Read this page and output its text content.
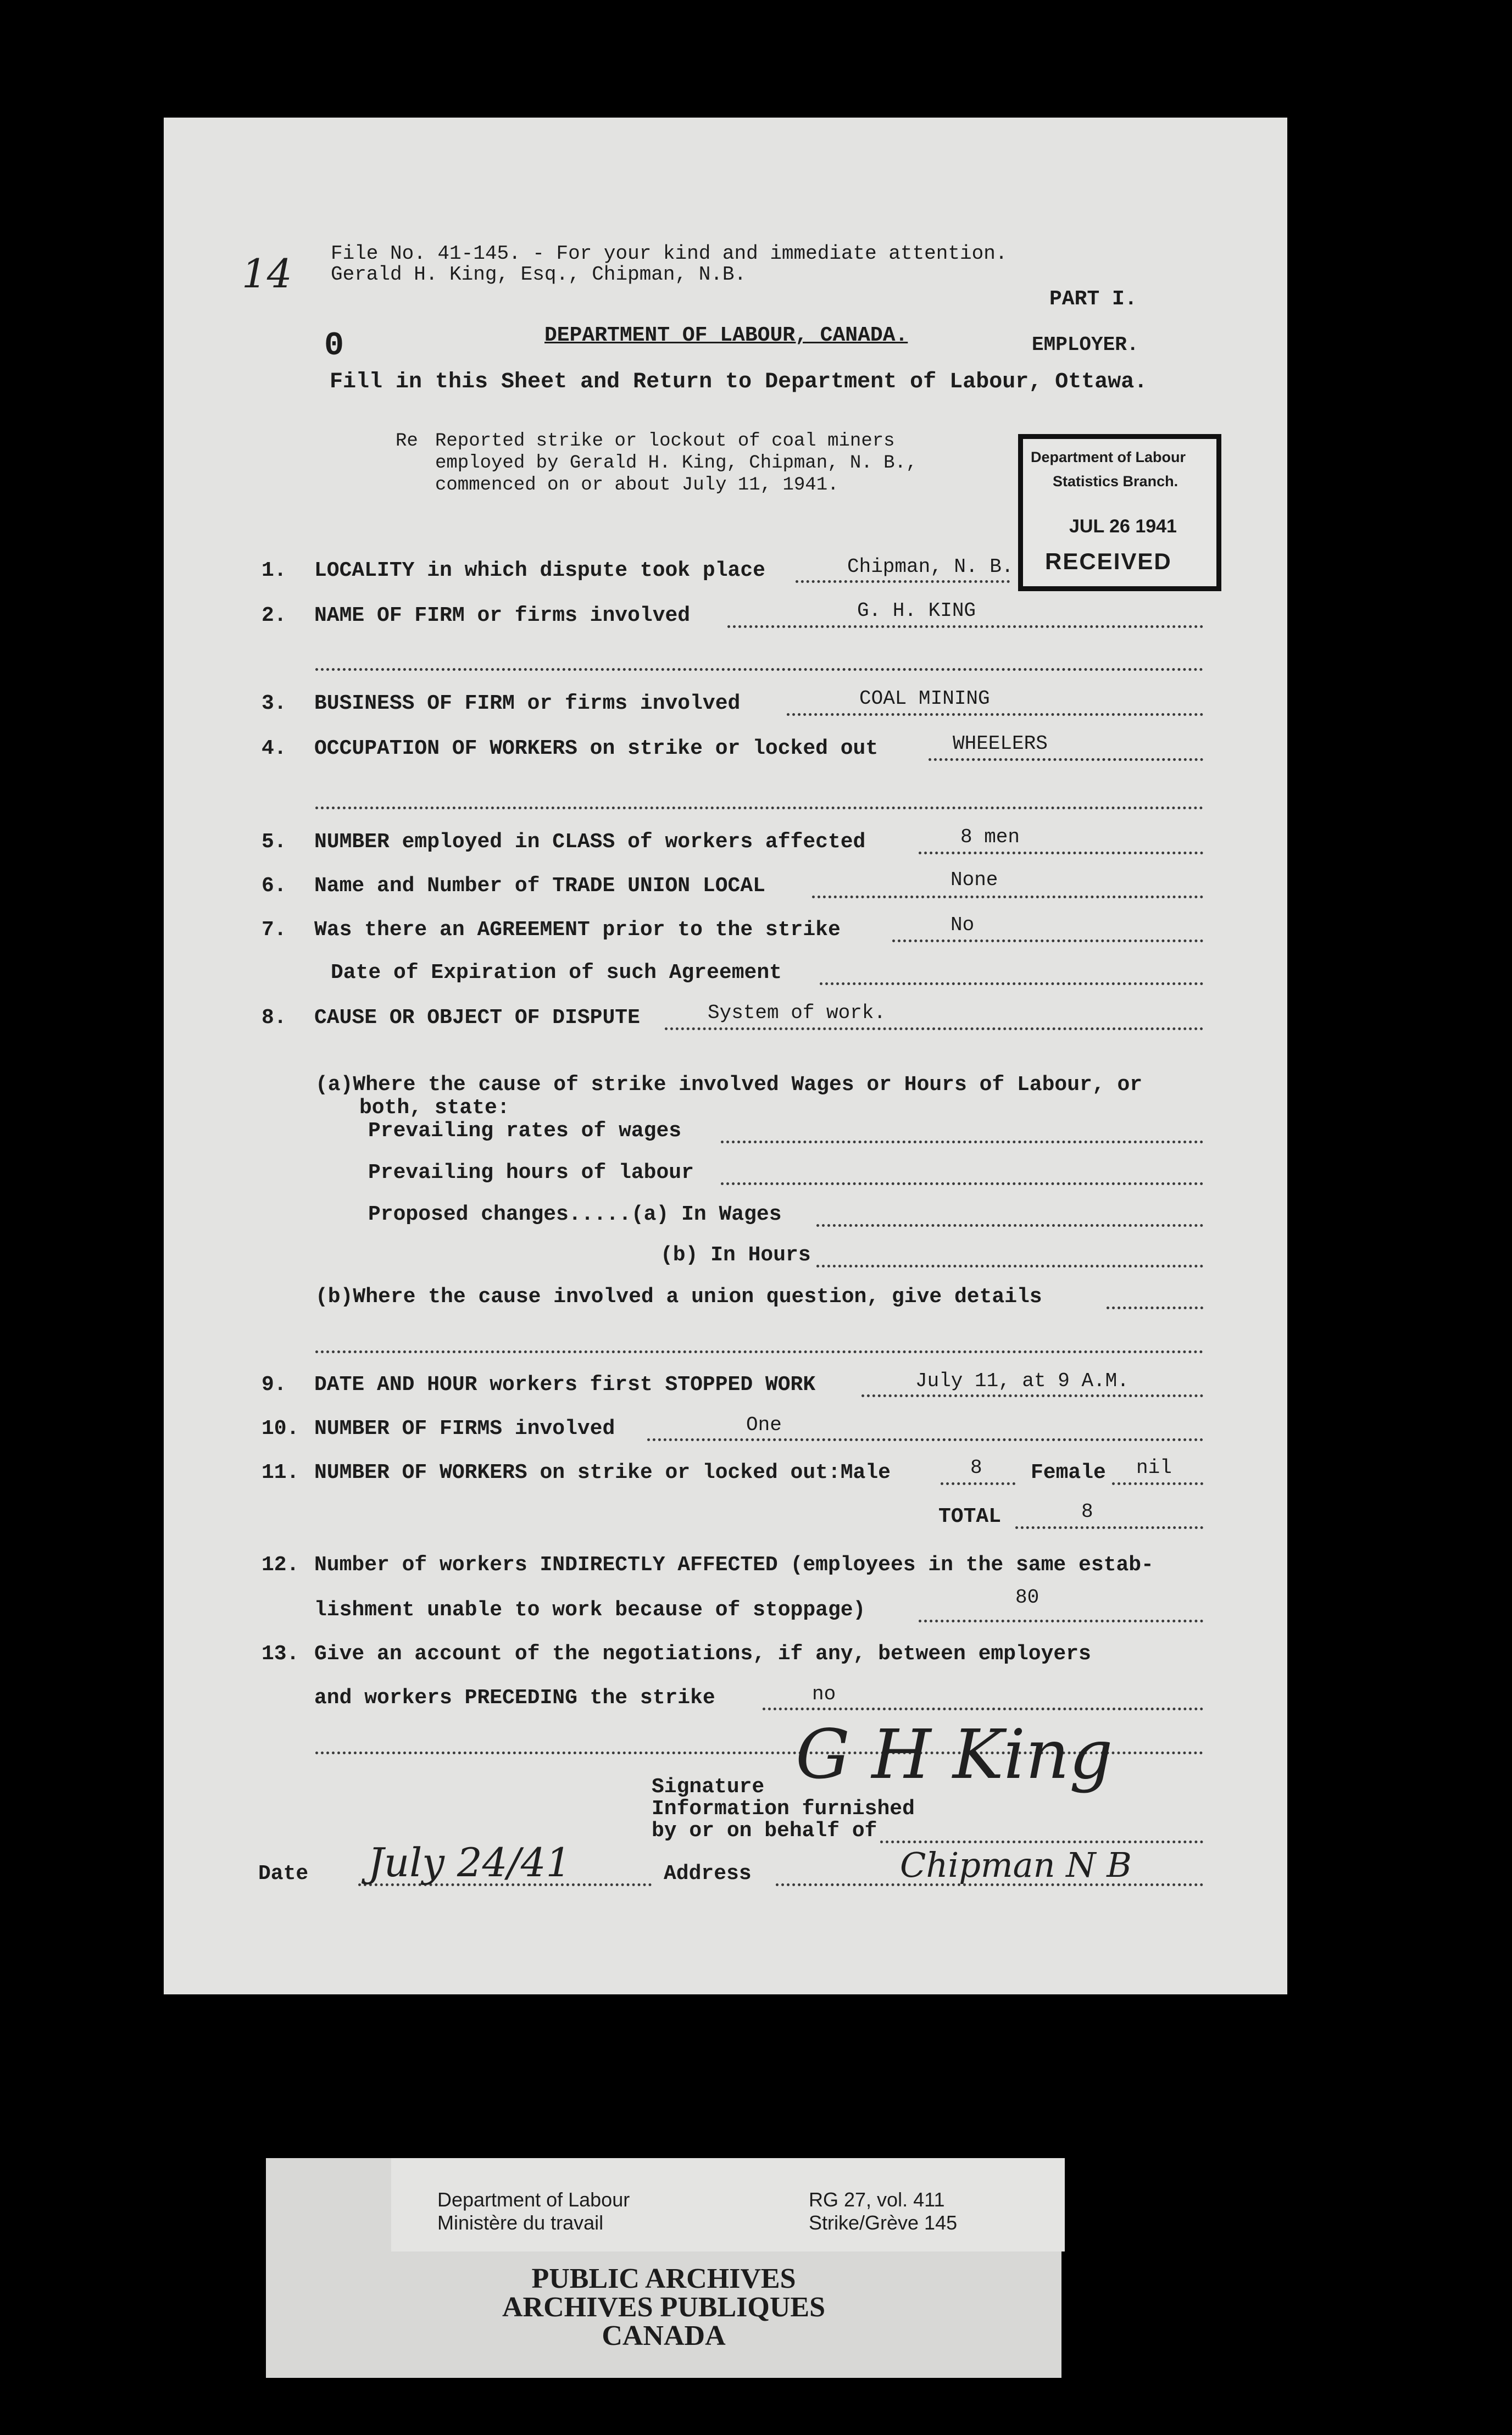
14 File No. 41-145. - For your kind and immediate attention.
Gerald H. King, Esq., Chipman, N.B.
PART I.
0	DEPARTMENT OF LABOUR, CANADA.	EMPLOYER.
Fill in this Sheet and Return to Department of Labour, Ottawa.
Re Reported strike or lockout of coal miners
employed by Gerald H. King, Chipman, N. B.,
commenced on or about July 11, 1941.
Department of Labour
Statistics Branch.
JUL 26 1941
RECEIVED
1. LOCALITY in which dispute took place	Chipman, N. B.
2. NAME OF FIRM or firms involved	G. H. KING
3. BUSINESS OF FIRM or firms involved	COAL MINING
4. OCCUPATION OF WORKERS on strike or locked out	WHEELERS
5. NUMBER employed in CLASS of workers affected	8 men
6. Name and Number of TRADE UNION LOCAL	None
7. Was there an AGREEMENT prior to the strike	No
Date of Expiration of such Agreement
8. CAUSE OR OBJECT OF DISPUTE	System of work.
(a)Where the cause of strike involved Wages or Hours of Labour, or
both, state:
Prevailing rates of wages
Prevailing hours of labour
Proposed changes.....(a) In Wages
(b) In Hours
(b)Where the cause involved a union question, give details
9. DATE AND HOUR workers first STOPPED WORK	July 11, at 9 A.M.
10. NUMBER OF FIRMS involved	One
11. NUMBER OF WORKERS on strike or locked out:Male	8 Female nil
TOTAL	8
12. Number of workers INDIRECTLY AFFECTED (employees in the same estab-
lishment unable to work because of stoppage)
80
13. Give an account of the negotiations, if any, between employers
and workers PRECEDING the strike	no
Signature G H King
Information furnished
by or on behalf of
Date July 24/41	Address	Chipman N B
Department of Labour
Ministère du travail
RG 27, vol. 411
Strike/Grève 145
PUBLIC ARCHIVES
ARCHIVES PUBLIQUES
CANADA
